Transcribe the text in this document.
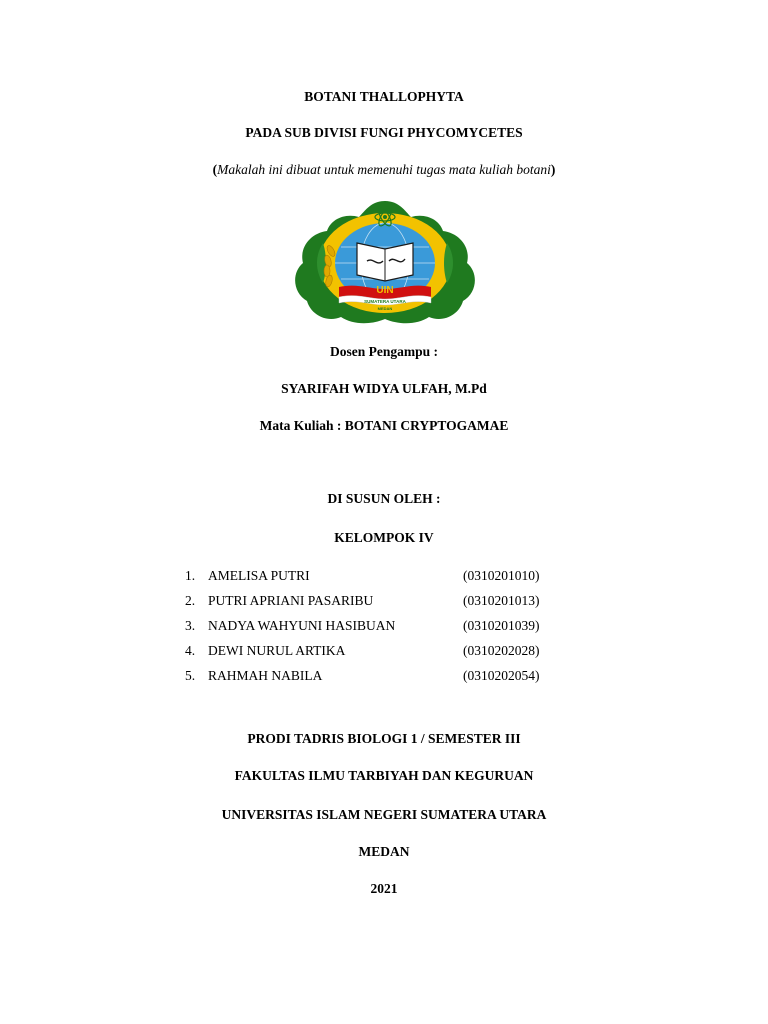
BOTANI THALLOPHYTA
PADA SUB DIVISI FUNGI PHYCOMYCETES
(Makalah ini dibuat untuk memenuhi tugas mata kuliah botani)
UIN
SUMATERA UTARA
MEDAN
Dosen Pengampu :
SYARIFAH WIDYA ULFAH, M.Pd
Mata Kuliah : BOTANI CRYPTOGAMAE
DI SUSUN OLEH :
KELOMPOK IV
1. AMELISA PUTRI	(0310201010)
2. PUTRI APRIANI PASARIBU	(0310201013)
3. NADYA WAHYUNI HASIBUAN	(0310201039)
4. DEWI NURUL ARTIKA	(0310202028)
5. RAHMAH NABILA	(0310202054)
PRODI TADRIS BIOLOGI 1 / SEMESTER III
FAKULTAS ILMU TARBIYAH DAN KEGURUAN
UNIVERSITAS ISLAM NEGERI SUMATERA UTARA
MEDAN
2021
